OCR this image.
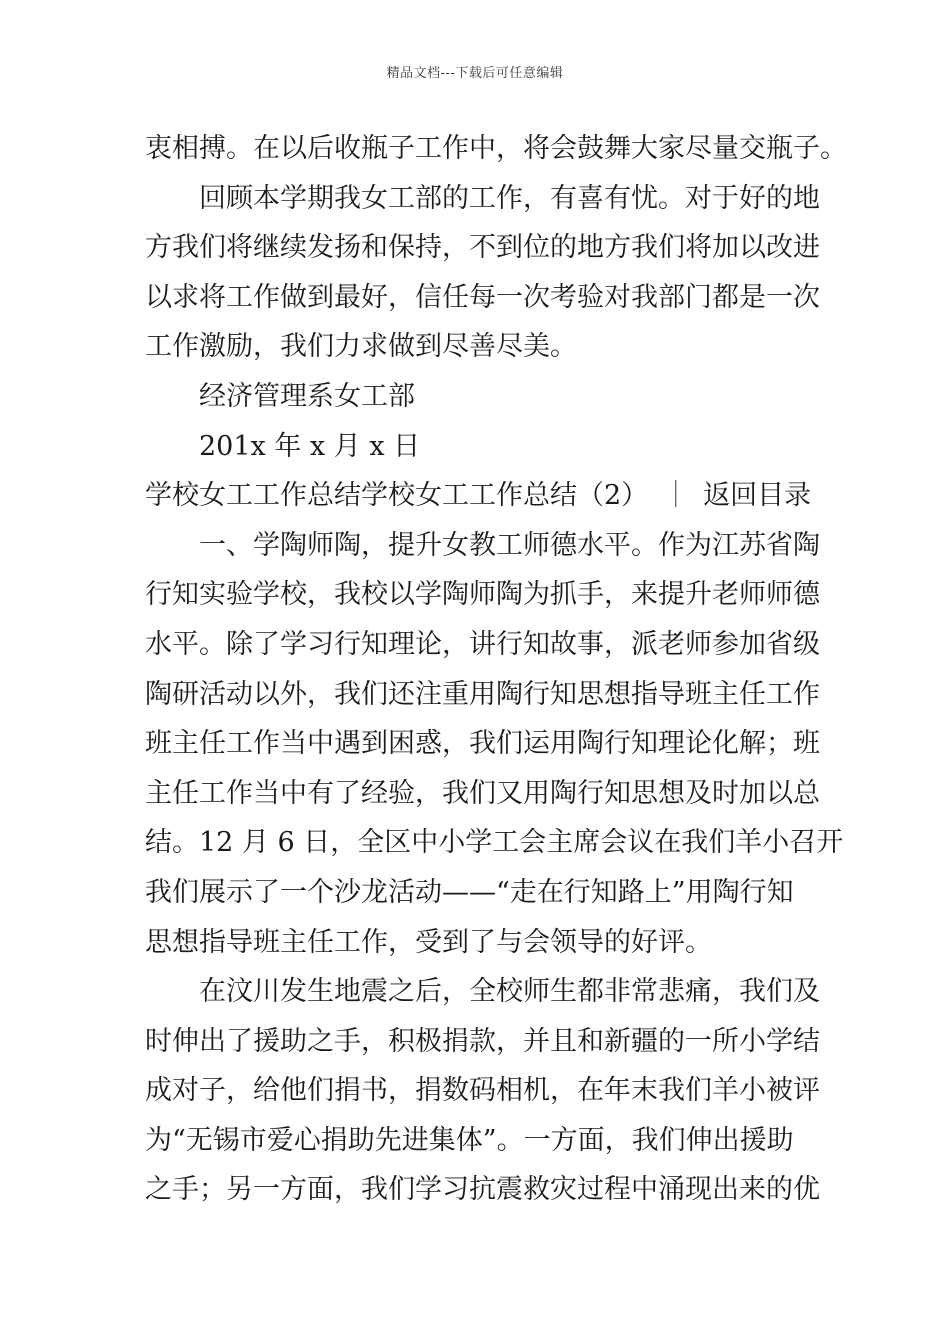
精品文档---下载后可任意编辑
衷相搏。在以后收瓶子工作中，将会鼓舞大家尽量交瓶子。
回顾本学期我女工部的工作，有喜有忧。对于好的地
方我们将继续发扬和保持，不到位的地方我们将加以改进
以求将工作做到最好，信任每一次考验对我部门都是一次
工作激励，我们力求做到尽善尽美。
经济管理系女工部
201x 年 x 月 x 日
学校女工工作总结学校女工工作总结（2） ｜ 返回目录
一、学陶师陶，提升女教工师德水平。作为江苏省陶
行知实验学校，我校以学陶师陶为抓手，来提升老师师德
水平。除了学习行知理论，讲行知故事，派老师参加省级
陶研活动以外，我们还注重用陶行知思想指导班主任工作
班主任工作当中遇到困惑，我们运用陶行知理论化解；班
主任工作当中有了经验，我们又用陶行知思想及时加以总
结。12 月 6 日，全区中小学工会主席会议在我们羊小召开
我们展示了一个沙龙活动——“走在行知路上”用陶行知
思想指导班主任工作，受到了与会领导的好评。
在汶川发生地震之后，全校师生都非常悲痛，我们及
时伸出了援助之手，积极捐款，并且和新疆的一所小学结
成对子，给他们捐书，捐数码相机，在年末我们羊小被评
为“无锡市爱心捐助先进集体”。一方面，我们伸出援助
之手；另一方面，我们学习抗震救灾过程中涌现出来的优
